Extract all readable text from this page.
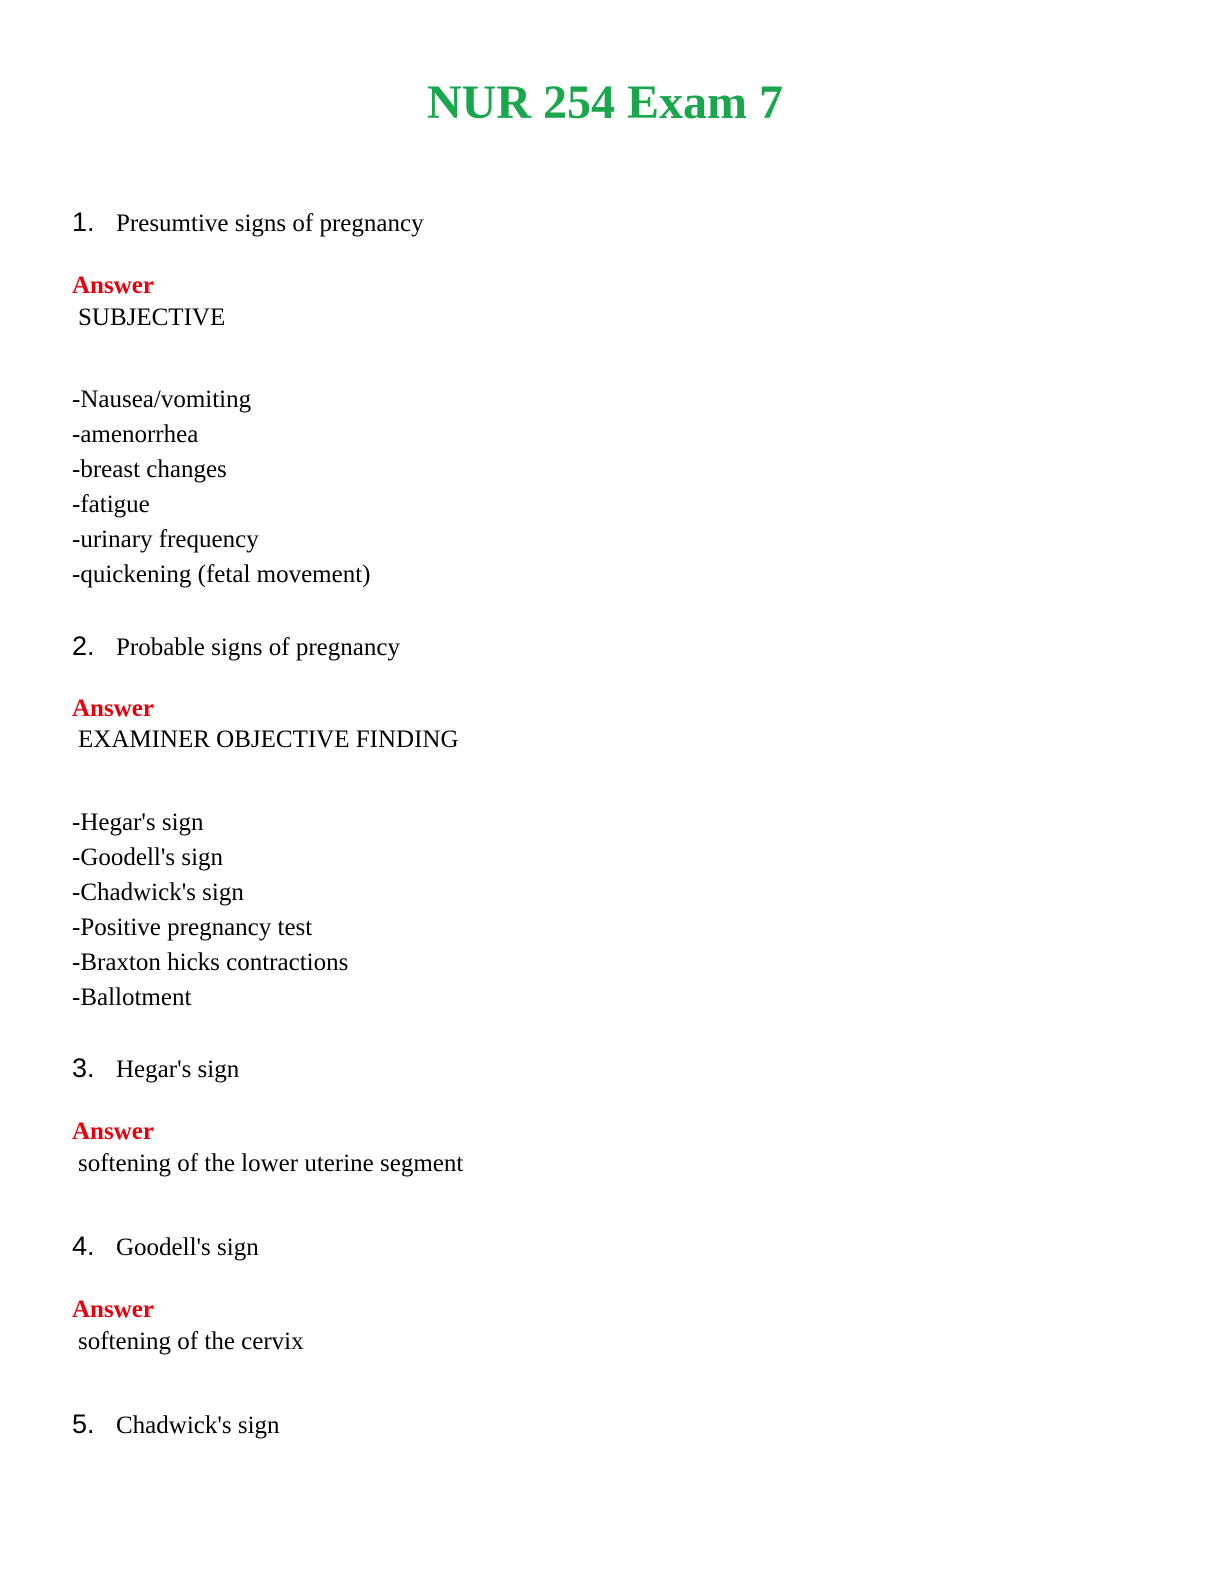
NUR 254 Exam 7
1. Presumtive signs of pregnancy
Answer
SUBJECTIVE
-Nausea/vomiting
-amenorrhea
-breast changes
-fatigue
-urinary frequency
-quickening (fetal movement)
2. Probable signs of pregnancy
Answer
EXAMINER OBJECTIVE FINDING
-Hegar's sign
-Goodell's sign
-Chadwick's sign
-Positive pregnancy test
-Braxton hicks contractions
-Ballotment
3. Hegar's sign
Answer
softening of the lower uterine segment
4. Goodell's sign
Answer
softening of the cervix
5. Chadwick's sign
